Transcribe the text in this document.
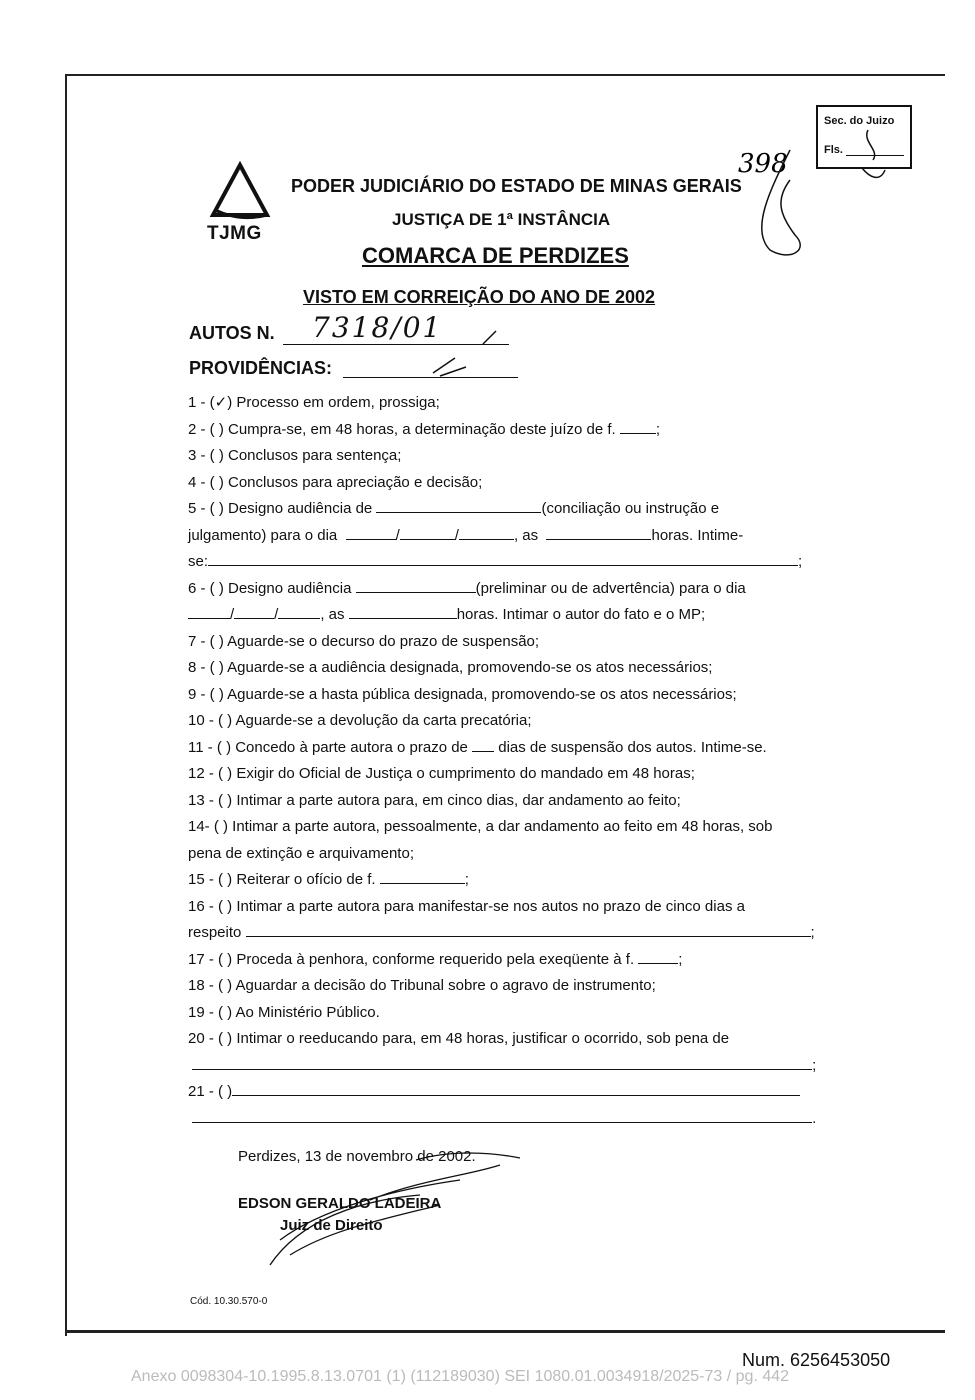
Sec. do Juizo
Fls.
TJMG
PODER JUDICIÁRIO DO ESTADO DE MINAS GERAIS
JUSTIÇA DE 1ª INSTÂNCIA
COMARCA DE PERDIZES
VISTO EM CORREIÇÃO DO ANO DE 2002
AUTOS N. 7318/01
PROVIDÊNCIAS:
1 - (✓) Processo em ordem, prossiga;
2 - ( ) Cumpra-se, em 48 horas, a determinação deste juízo de f.	;
3 - ( ) Conclusos para sentença;
4 - ( ) Conclusos para apreciação e decisão;
5 - ( ) Designo audiência de	(conciliação ou instrução e
julgamento) para o dia	/	/	, as	horas. Intime-
se:	;
6 - ( ) Designo audiência	(preliminar ou de advertência) para o dia
/	/	, as	horas. Intimar o autor do fato e o MP;
7 - ( ) Aguarde-se o decurso do prazo de suspensão;
8 - ( ) Aguarde-se a audiência designada, promovendo-se os atos necessários;
9 - ( ) Aguarde-se a hasta pública designada, promovendo-se os atos necessários;
10 - ( ) Aguarde-se a devolução da carta precatória;
11 - ( ) Concedo à parte autora o prazo de dias de suspensão dos autos. Intime-se.
12 - ( ) Exigir do Oficial de Justiça o cumprimento do mandado em 48 horas;
13 - ( ) Intimar a parte autora para, em cinco dias, dar andamento ao feito;
14- ( ) Intimar a parte autora, pessoalmente, a dar andamento ao feito em 48 horas, sob
pena de extinção e arquivamento;
15 - ( ) Reiterar o ofício de f.	;
16 - ( ) Intimar a parte autora para manifestar-se nos autos no prazo de cinco dias a
respeito	;
17 - ( ) Proceda à penhora, conforme requerido pela exeqüente à f.	;
18 - ( ) Aguardar a decisão do Tribunal sobre o agravo de instrumento;
19 - ( ) Ao Ministério Público.
20 - ( ) Intimar o reeducando para, em 48 horas, justificar o ocorrido, sob pena de
;
21 - ( )
.
Perdizes, 13 de novembro de 2002.
EDSON GERALDO LADEIRA
Juiz de Direito
Cód. 10.30.570-0
Num. 6256453050
Anexo 0098304-10.1995.8.13.0701 (1) (112189030) SEI 1080.01.0034918/2025-73 / pg. 442
398
